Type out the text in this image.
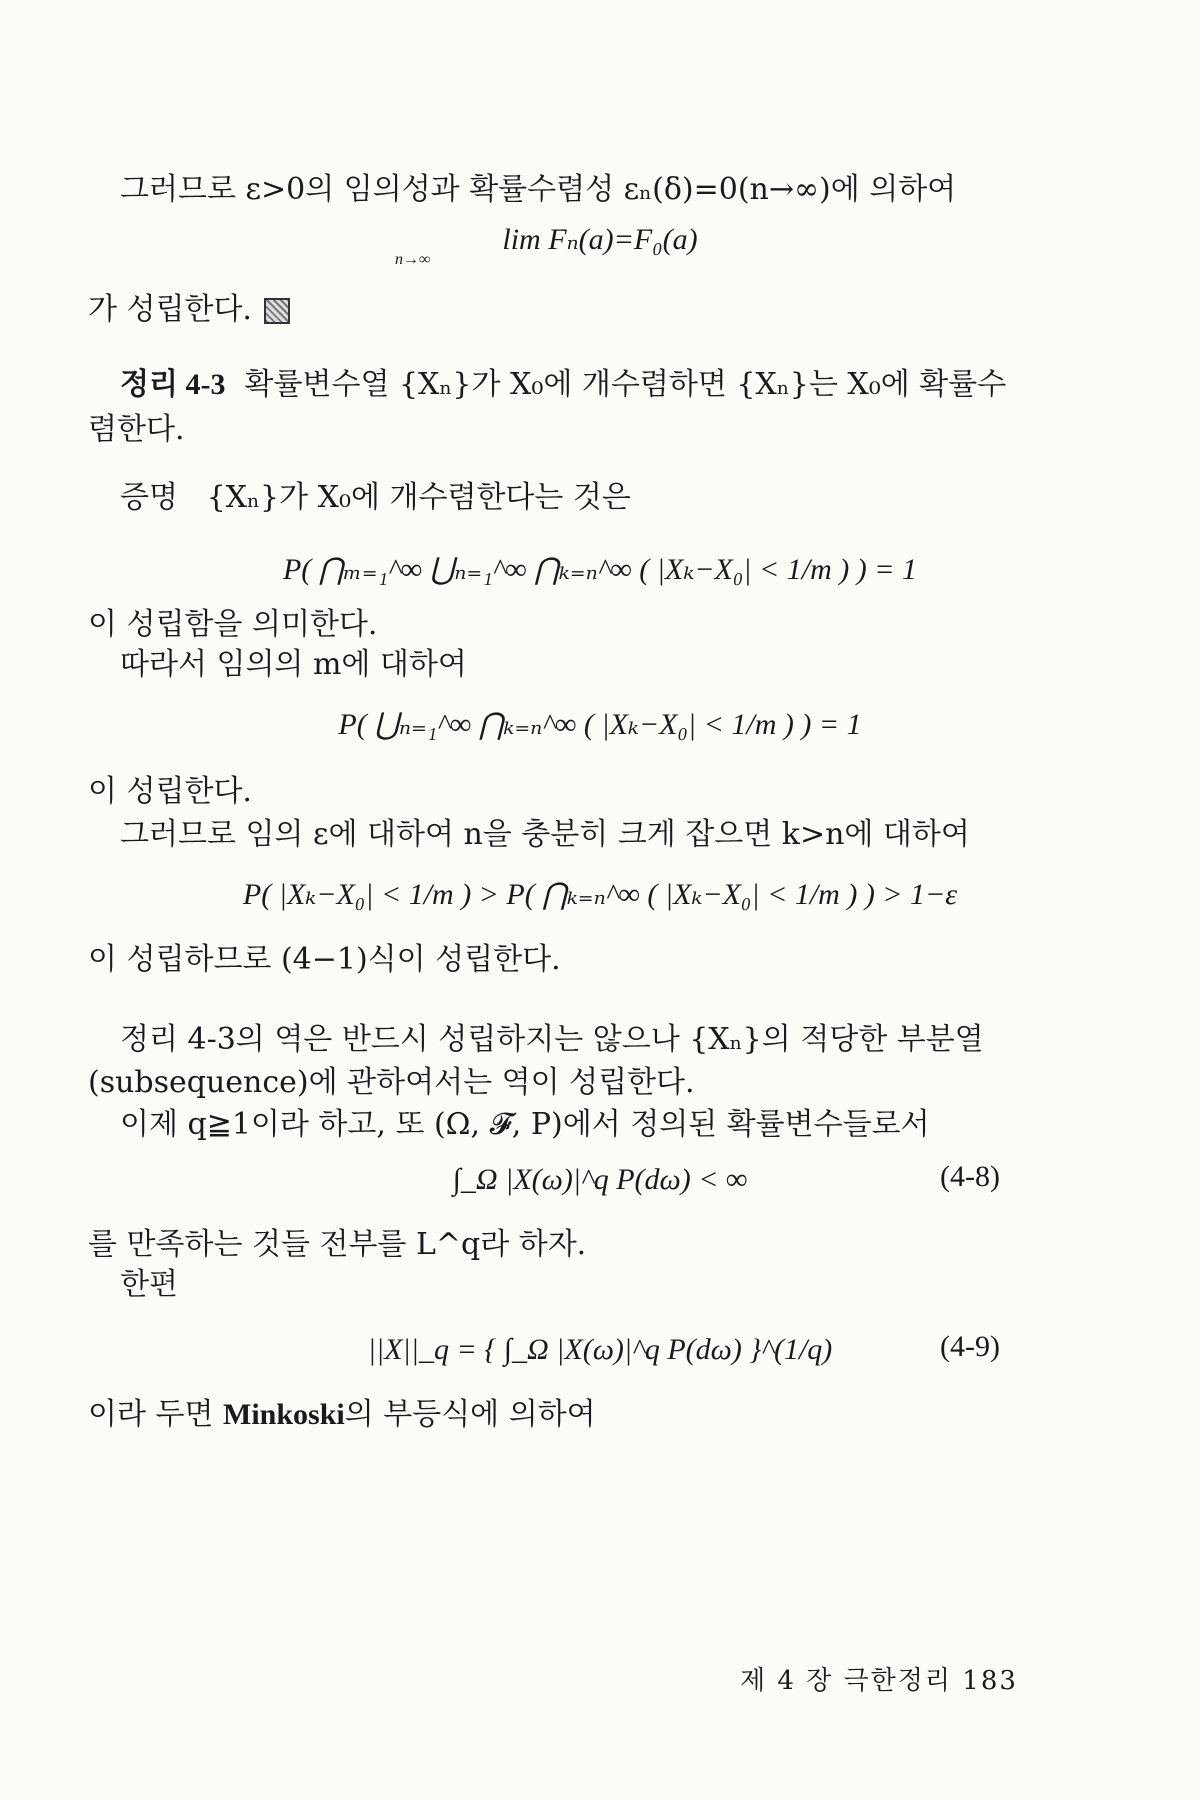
그러므로 ε>0의 임의성과 확률수렴성 εₙ(δ)=0(n→∞)에 의하여
lim Fₙ(a)=F₀(a)
n→∞
가 성립한다.
정리 4-3 확률변수열 {Xₙ}가 X₀에 개수렴하면 {Xₙ}는 X₀에 확률수
렴한다.
증명 {Xₙ}가 X₀에 개수렴한다는 것은
P( ⋂ₘ₌₁^∞ ⋃ₙ₌₁^∞ ⋂ₖ₌ₙ^∞ ( |Xₖ−X₀| < 1/m ) ) = 1
이 성립함을 의미한다.
따라서 임의의 m에 대하여
P( ⋃ₙ₌₁^∞ ⋂ₖ₌ₙ^∞ ( |Xₖ−X₀| < 1/m ) ) = 1
이 성립한다.
그러므로 임의 ε에 대하여 n을 충분히 크게 잡으면 k>n에 대하여
P( |Xₖ−X₀| < 1/m ) > P( ⋂ₖ₌ₙ^∞ ( |Xₖ−X₀| < 1/m ) ) > 1−ε
이 성립하므로 (4−1)식이 성립한다.
정리 4-3의 역은 반드시 성립하지는 않으나 {Xₙ}의 적당한 부분열
(subsequence)에 관하여서는 역이 성립한다.
이제 q≧1이라 하고, 또 (Ω, 𝓕, P)에서 정의된 확률변수들로서
∫_Ω |X(ω)|^q P(dω) < ∞	(4-8)
를 만족하는 것들 전부를 L^q라 하자.
한편
||X||_q = { ∫_Ω |X(ω)|^q P(dω) }^(1/q)	(4-9)
이라 두면 Minkoski의 부등식에 의하여
제 4 장 극한정리 183
